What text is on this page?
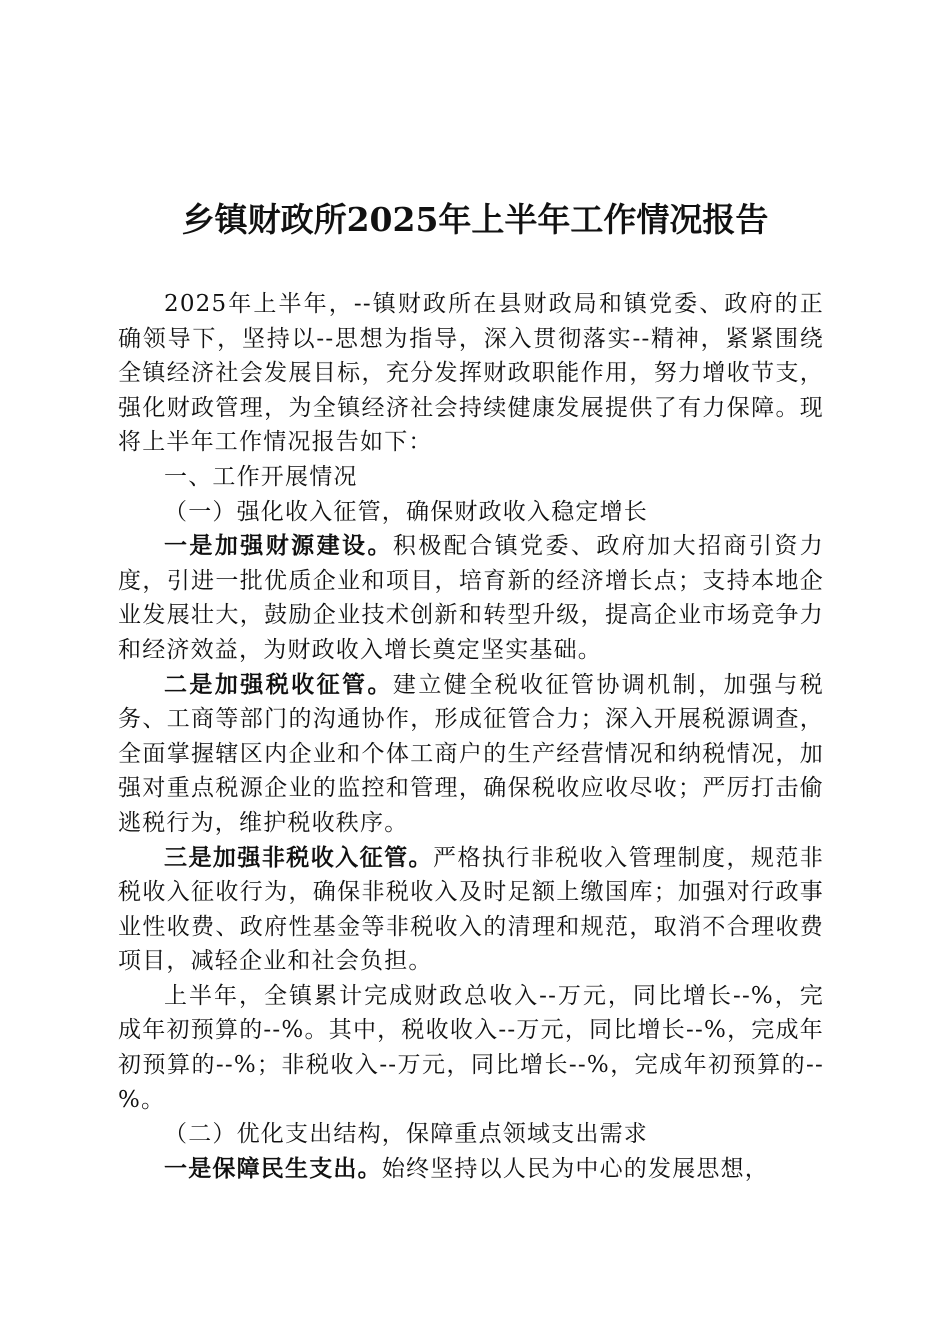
乡镇财政所2025年上半年工作情况报告

2025年上半年，--镇财政所在县财政局和镇党委、政府的正确领导下，坚持以--思想为指导，深入贯彻落实--精神，紧紧围绕全镇经济社会发展目标，充分发挥财政职能作用，努力增收节支，强化财政管理，为全镇经济社会持续健康发展提供了有力保障。现将上半年工作情况报告如下：

一、工作开展情况

（一）强化收入征管，确保财政收入稳定增长

一是加强财源建设。积极配合镇党委、政府加大招商引资力度，引进一批优质企业和项目，培育新的经济增长点；支持本地企业发展壮大，鼓励企业技术创新和转型升级，提高企业市场竞争力和经济效益，为财政收入增长奠定坚实基础。

二是加强税收征管。建立健全税收征管协调机制，加强与税务、工商等部门的沟通协作，形成征管合力；深入开展税源调查，全面掌握辖区内企业和个体工商户的生产经营情况和纳税情况，加强对重点税源企业的监控和管理，确保税收应收尽收；严厉打击偷逃税行为，维护税收秩序。

三是加强非税收入征管。严格执行非税收入管理制度，规范非税收入征收行为，确保非税收入及时足额上缴国库；加强对行政事业性收费、政府性基金等非税收入的清理和规范，取消不合理收费项目，减轻企业和社会负担。

上半年，全镇累计完成财政总收入--万元，同比增长--%，完成年初预算的--%。其中，税收收入--万元，同比增长--%，完成年初预算的--%；非税收入--万元，同比增长--%，完成年初预算的--%。

（二）优化支出结构，保障重点领域支出需求

一是保障民生支出。始终坚持以人民为中心的发展思想，
